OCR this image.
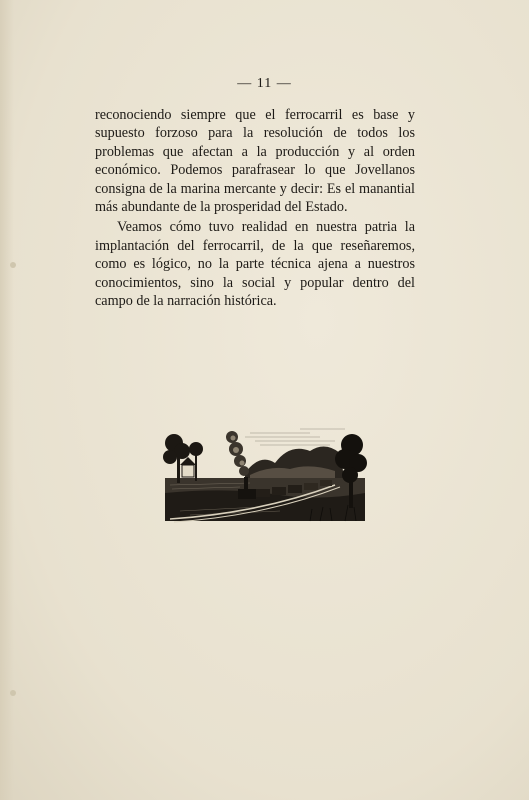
— 11 —

reconociendo siempre que el ferrocarril es base y supuesto forzoso para la resolución de todos los problemas que afectan a la producción y al orden económico. Podemos parafrasear lo que Jovellanos consigna de la marina mercante y decir: Es el manantial más abundante de la prosperidad del Estado.

Veamos cómo tuvo realidad en nuestra patria la implantación del ferrocarril, de la que reseñaremos, como es lógico, no la parte técnica ajena a nuestros conocimientos, sino la social y popular dentro del campo de la narración histórica.
